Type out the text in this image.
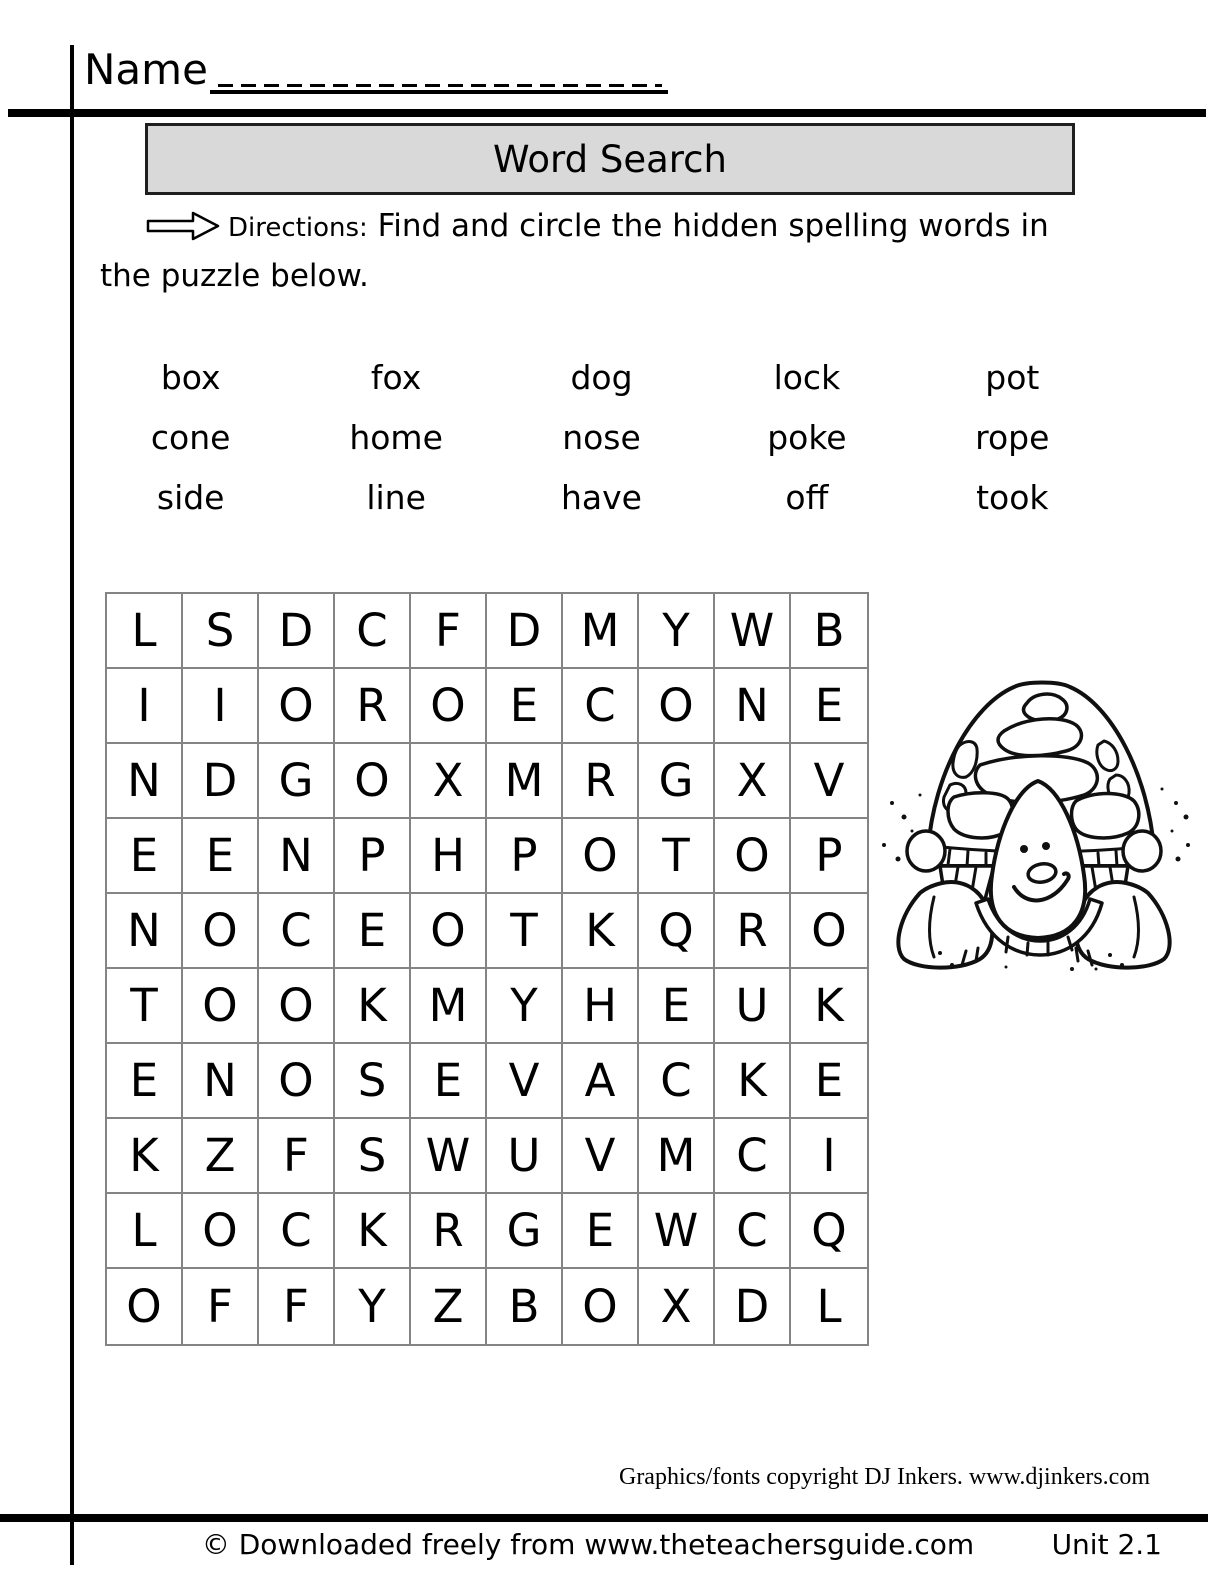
Name
Word Search
Directions: Find and circle the hidden spelling words in the puzzle below.
box	fox	dog	lock	pot
cone	home	nose	poke	rope
side	line	have	off	took
L	S D C	F	D M Y W B
I	I	O R O E	C O N	E
N D G O X M R G X	V
E	E N	P	H	P O T O	P
N O C	E O T	K Q R O
T O O K M Y	H E	U	K
E N O S	E	V	A C	K	E
K	Z	F	S W U V M C	I
L	O C	K	R G E W C Q
O	F	F	Y	Z	B O X D	L
Graphics/fonts copyright DJ Inkers. www.djinkers.com
© Downloaded freely from www.theteachersguide.com	Unit 2.1
